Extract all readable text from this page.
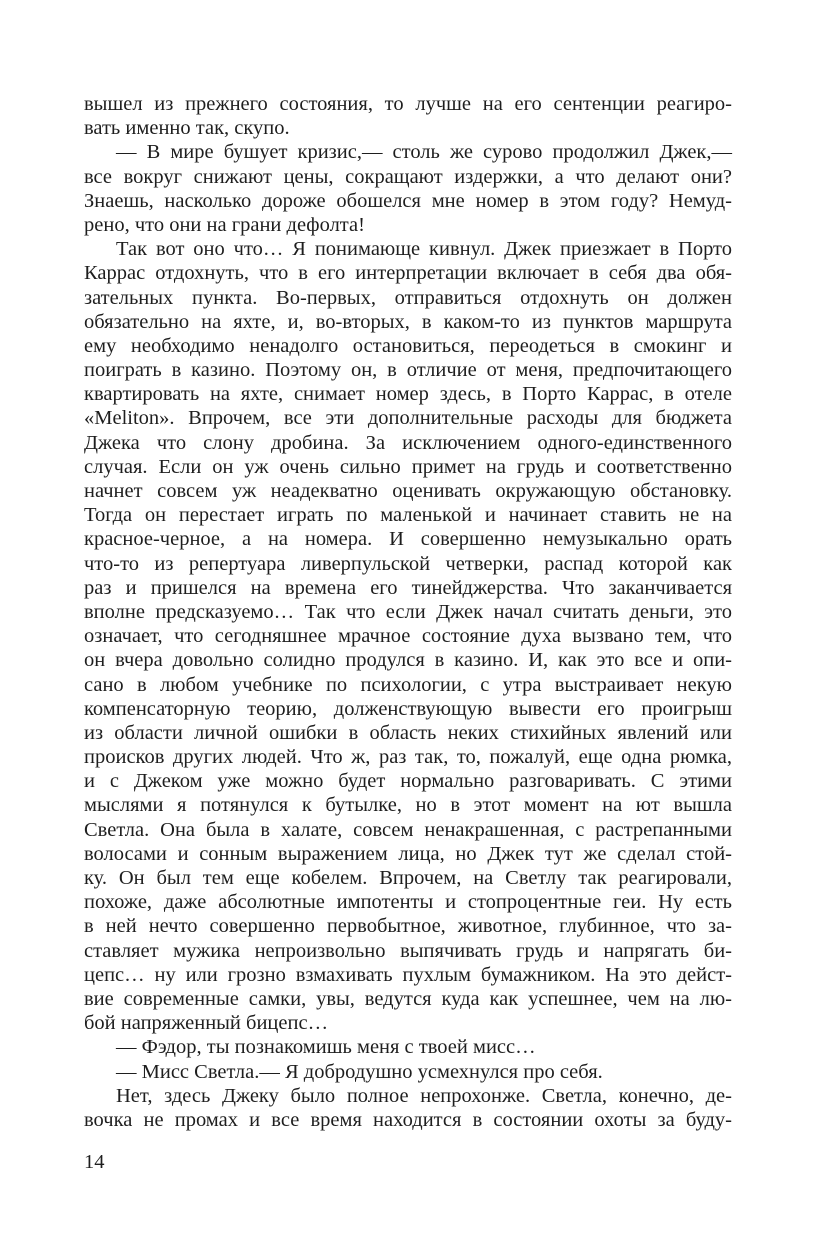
вышел из прежнего состояния, то лучше на его сентенции реагиро-
вать именно так, скупо.
— В мире бушует кризис,— столь же сурово продолжил Джек,—
все вокруг снижают цены, сокращают издержки, а что делают они?
Знаешь, насколько дороже обошелся мне номер в этом году? Немуд-
рено, что они на грани дефолта!
Так вот оно что… Я понимающе кивнул. Джек приезжает в Порто
Каррас отдохнуть, что в его интерпретации включает в себя два обя-
зательных пункта. Во-первых, отправиться отдохнуть он должен
обязательно на яхте, и, во-вторых, в каком-то из пунктов маршрута
ему необходимо ненадолго остановиться, переодеться в смокинг и
поиграть в казино. Поэтому он, в отличие от меня, предпочитающего
квартировать на яхте, снимает номер здесь, в Порто Каррас, в отеле
«Meliton». Впрочем, все эти дополнительные расходы для бюджета
Джека что слону дробина. За исключением одного-единственного
случая. Если он уж очень сильно примет на грудь и соответственно
начнет совсем уж неадекватно оценивать окружающую обстановку.
Тогда он перестает играть по маленькой и начинает ставить не на
красное-черное, а на номера. И совершенно немузыкально орать
что-то из репертуара ливерпульской четверки, распад которой как
раз и пришелся на времена его тинейджерства. Что заканчивается
вполне предсказуемо… Так что если Джек начал считать деньги, это
означает, что сегодняшнее мрачное состояние духа вызвано тем, что
он вчера довольно солидно продулся в казино. И, как это все и опи-
сано в любом учебнике по психологии, с утра выстраивает некую
компенсаторную теорию, долженствующую вывести его проигрыш
из области личной ошибки в область неких стихийных явлений или
происков других людей. Что ж, раз так, то, пожалуй, еще одна рюмка,
и с Джеком уже можно будет нормально разговаривать. С этими
мыслями я потянулся к бутылке, но в этот момент на ют вышла
Светла. Она была в халате, совсем ненакрашенная, с растрепанными
волосами и сонным выражением лица, но Джек тут же сделал стой-
ку. Он был тем еще кобелем. Впрочем, на Светлу так реагировали,
похоже, даже абсолютные импотенты и стопроцентные геи. Ну есть
в ней нечто совершенно первобытное, животное, глубинное, что за-
ставляет мужика непроизвольно выпячивать грудь и напрягать би-
цепс… ну или грозно взмахивать пухлым бумажником. На это дейст-
вие современные самки, увы, ведутся куда как успешнее, чем на лю-
бой напряженный бицепс…
— Фэдор, ты познакомишь меня с твоей мисс…
— Мисс Светла.— Я добродушно усмехнулся про себя.
Нет, здесь Джеку было полное непрохонже. Светла, конечно, де-
вочка не промах и все время находится в состоянии охоты за буду-
14
